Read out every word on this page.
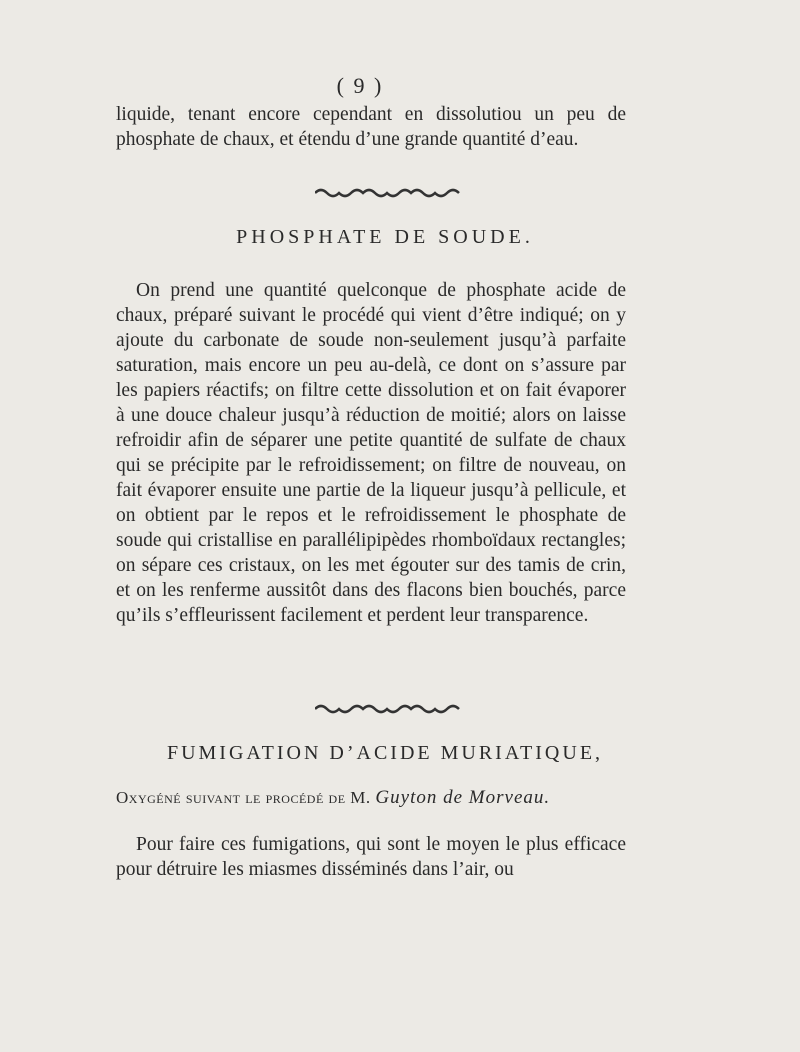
( 9 )
liquide, tenant encore cependant en dissolutiou un peu de phosphate de chaux, et étendu d’une grande quantité d’eau.
PHOSPHATE DE SOUDE.
On prend une quantité quelconque de phosphate acide de chaux, préparé suivant le procédé qui vient d’être indiqué; on y ajoute du carbonate de soude non-seulement jusqu’à parfaite saturation, mais encore un peu au-delà, ce dont on s’assure par les papiers réactifs; on filtre cette dissolution et on fait évaporer à une douce chaleur jusqu’à réduction de moitié; alors on laisse refroidir afin de séparer une petite quantité de sulfate de chaux qui se précipite par le refroidissement; on filtre de nouveau, on fait évaporer ensuite une partie de la liqueur jusqu’à pellicule, et on obtient par le repos et le refroidissement le phosphate de soude qui cristallise en parallélipipèdes rhomboïdaux rectangles; on sépare ces cristaux, on les met égouter sur des tamis de crin, et on les renferme aussitôt dans des flacons bien bouchés, parce qu’ils s’effleurissent facilement et perdent leur transparence.
FUMIGATION D’ACIDE MURIATIQUE,
Oxygéné suivant le procédé de M. Guyton de Morveau.
Pour faire ces fumigations, qui sont le moyen le plus efficace pour détruire les miasmes disséminés dans l’air, ou
